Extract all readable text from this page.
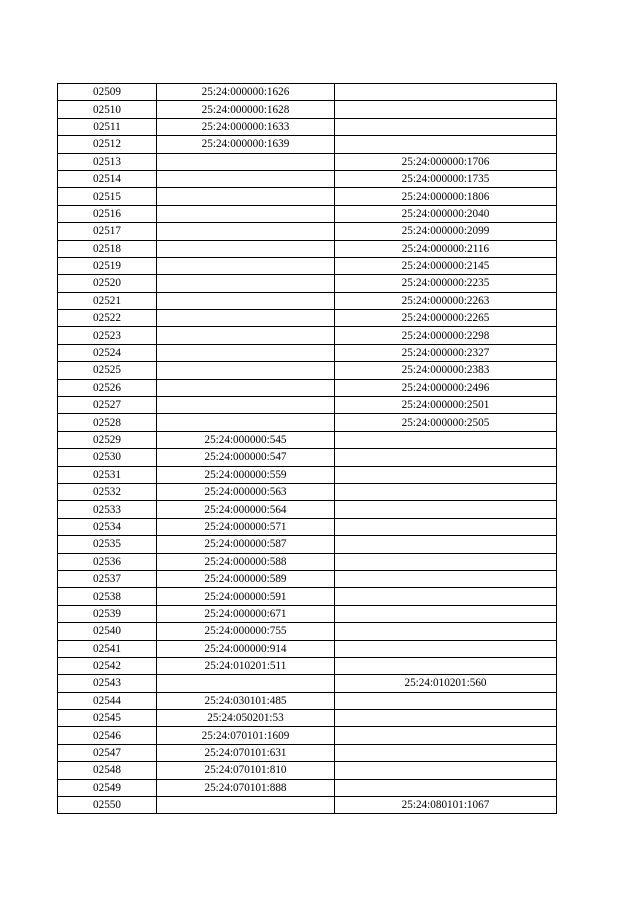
02509	25:24:000000:1626	
02510	25:24:000000:1628	
02511	25:24:000000:1633	
02512	25:24:000000:1639	
02513		25:24:000000:1706
02514		25:24:000000:1735
02515		25:24:000000:1806
02516		25:24:000000:2040
02517		25:24:000000:2099
02518		25:24:000000:2116
02519		25:24:000000:2145
02520		25:24:000000:2235
02521		25:24:000000:2263
02522		25:24:000000:2265
02523		25:24:000000:2298
02524		25:24:000000:2327
02525		25:24:000000:2383
02526		25:24:000000:2496
02527		25:24:000000:2501
02528		25:24:000000:2505
02529	25:24:000000:545	
02530	25:24:000000:547	
02531	25:24:000000:559	
02532	25:24:000000:563	
02533	25:24:000000:564	
02534	25:24:000000:571	
02535	25:24:000000:587	
02536	25:24:000000:588	
02537	25:24:000000:589	
02538	25:24:000000:591	
02539	25:24:000000:671	
02540	25:24:000000:755	
02541	25:24:000000:914	
02542	25:24:010201:511	
02543		25:24:010201:560
02544	25:24:030101:485	
02545	25:24:050201:53	
02546	25:24:070101:1609	
02547	25:24:070101:631	
02548	25:24:070101:810	
02549	25:24:070101:888	
02550		25:24:080101:1067
